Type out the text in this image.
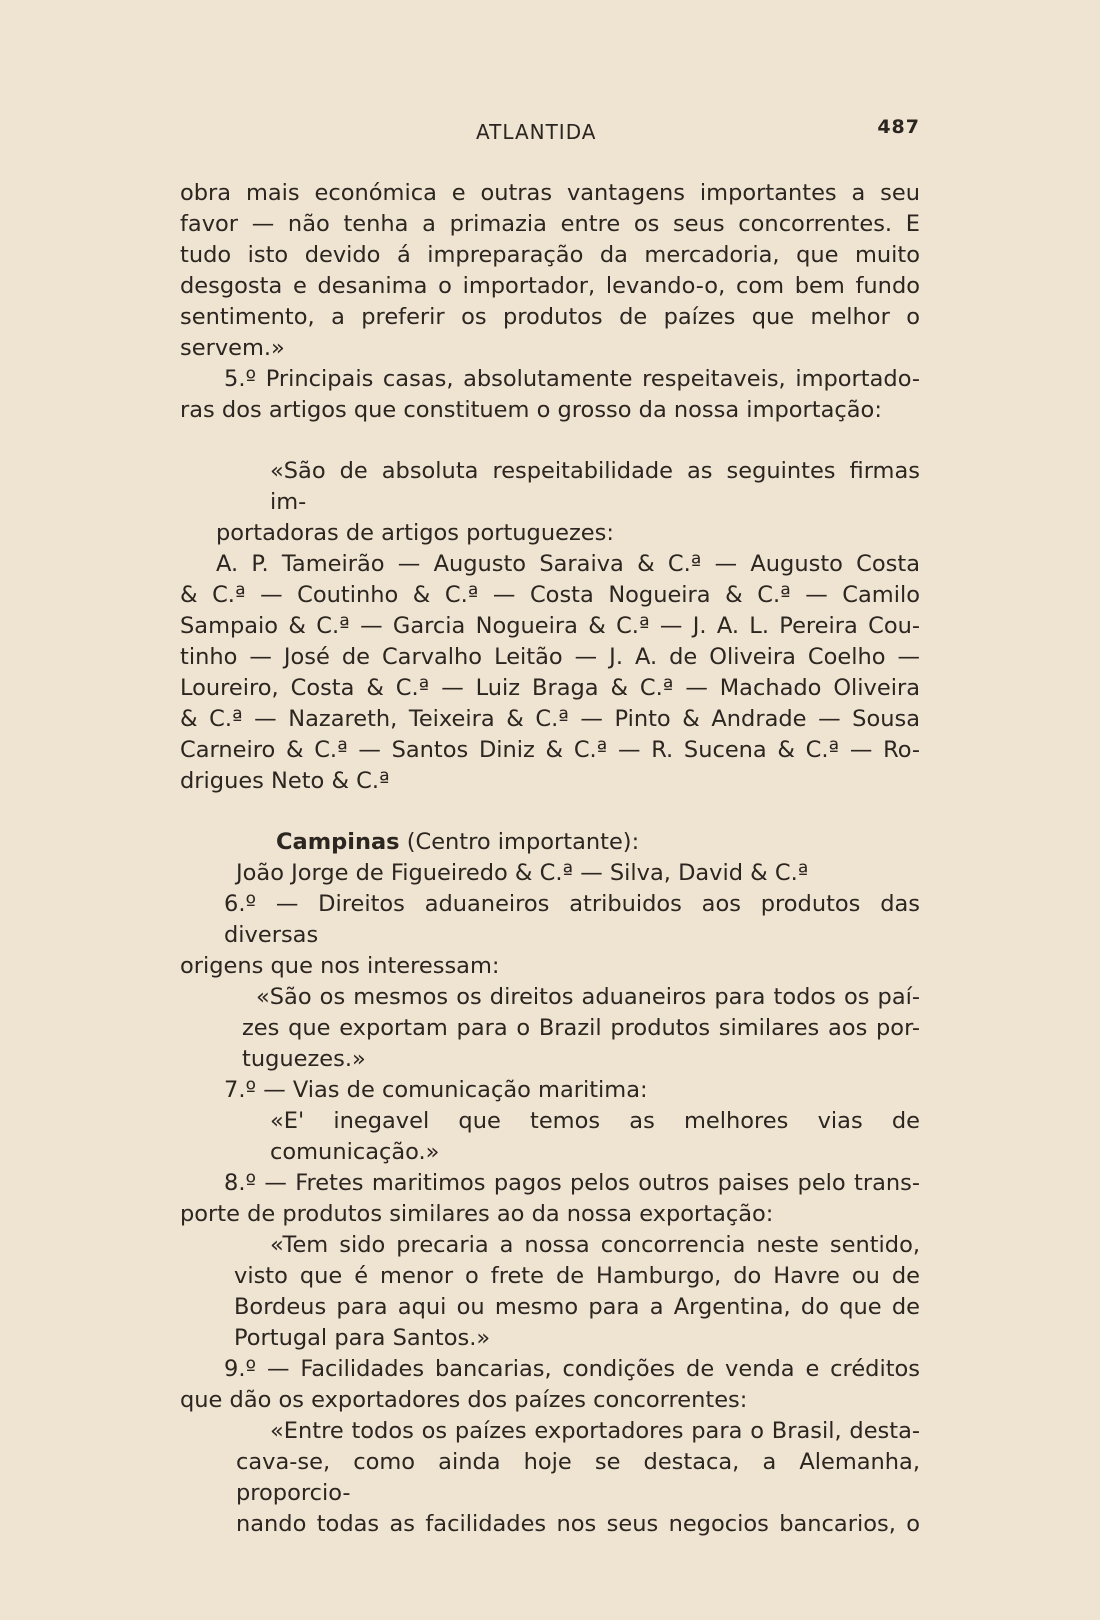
ATLANTIDA	487

obra mais económica e outras vantagens importantes a seu

favor — não tenha a primazia entre os seus concorrentes. E

tudo isto devido á impreparação da mercadoria, que muito

desgosta e desanima o importador, levando-o, com bem fundo

sentimento, a preferir os produtos de paízes que melhor o

servem.»

5.º Principais casas, absolutamente respeitaveis, importado-

ras dos artigos que constituem o grosso da nossa importação:

«São de absoluta respeitabilidade as seguintes firmas im-

portadoras de artigos portuguezes:

A. P. Tameirão — Augusto Saraiva & C.ª — Augusto Costa

& C.ª — Coutinho & C.ª — Costa Nogueira & C.ª — Camilo

Sampaio & C.ª — Garcia Nogueira & C.ª — J. A. L. Pereira Cou-

tinho — José de Carvalho Leitão — J. A. de Oliveira Coelho —

Loureiro, Costa & C.ª — Luiz Braga & C.ª — Machado Oliveira

& C.ª — Nazareth, Teixeira & C.ª — Pinto & Andrade — Sousa

Carneiro & C.ª — Santos Diniz & C.ª — R. Sucena & C.ª — Ro-

drigues Neto & C.ª

Campinas (Centro importante):

João Jorge de Figueiredo & C.ª — Silva, David & C.ª

6.º — Direitos aduaneiros atribuidos aos produtos das diversas

origens que nos interessam:

«São os mesmos os direitos aduaneiros para todos os paí-

zes que exportam para o Brazil produtos similares aos por-

tuguezes.»

7.º — Vias de comunicação maritima:

«E' inegavel que temos as melhores vias de comunicação.»

8.º — Fretes maritimos pagos pelos outros paises pelo trans-

porte de produtos similares ao da nossa exportação:

«Tem sido precaria a nossa concorrencia neste sentido,

visto que é menor o frete de Hamburgo, do Havre ou de

Bordeus para aqui ou mesmo para a Argentina, do que de

Portugal para Santos.»

9.º — Facilidades bancarias, condições de venda e créditos

que dão os exportadores dos paízes concorrentes:

«Entre todos os paízes exportadores para o Brasil, desta-

cava-se, como ainda hoje se destaca, a Alemanha, proporcio-

nando todas as facilidades nos seus negocios bancarios, o
